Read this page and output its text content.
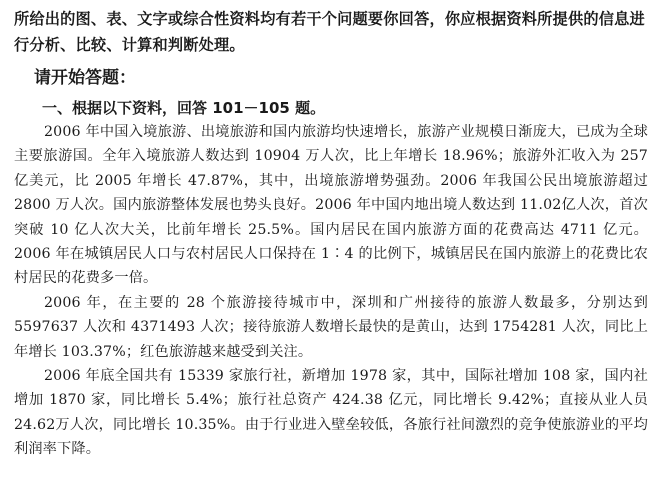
所给出的图、表、文字或综合性资料均有若干个问题要你回答，你应根据资料所提供的信息进行分析、比较、计算和判断处理。

请开始答题：
一、根据以下资料，回答 101－105 题。

2006 年中国入境旅游、出境旅游和国内旅游均快速增长，旅游产业规模日渐庞大，已成为全球主要旅游国。全年入境旅游人数达到 10904 万人次，比上年增长 18.96%；旅游外汇收入为 257 亿美元，比 2005 年增长 47.87%，其中，出境旅游增势强劲。2006 年我国公民出境旅游超过 2800 万人次。国内旅游整体发展也势头良好。2006 年中国内地出境人数达到 11.02亿人次，首次突破 10 亿人次大关，比前年增长 25.5%。国内居民在国内旅游方面的花费高达 4711 亿元。2006 年在城镇居民人口与农村居民人口保持在 1∶4 的比例下，城镇居民在国内旅游上的花费比农村居民的花费多一倍。

2006 年，在主要的 28 个旅游接待城市中，深圳和广州接待的旅游人数最多，分别达到 5597637 人次和 4371493 人次；接待旅游人数增长最快的是黄山，达到 1754281 人次，同比上年增长 103.37%；红色旅游越来越受到关注。

2006 年底全国共有 15339 家旅行社，新增加 1978 家，其中，国际社增加 108 家，国内社增加 1870 家，同比增长 5.4%；旅行社总资产 424.38 亿元，同比增长 9.42%；直接从业人员 24.62万人次，同比增长 10.35%。由于行业进入壁垒较低，各旅行社间激烈的竞争使旅游业的平均利润率下降。
